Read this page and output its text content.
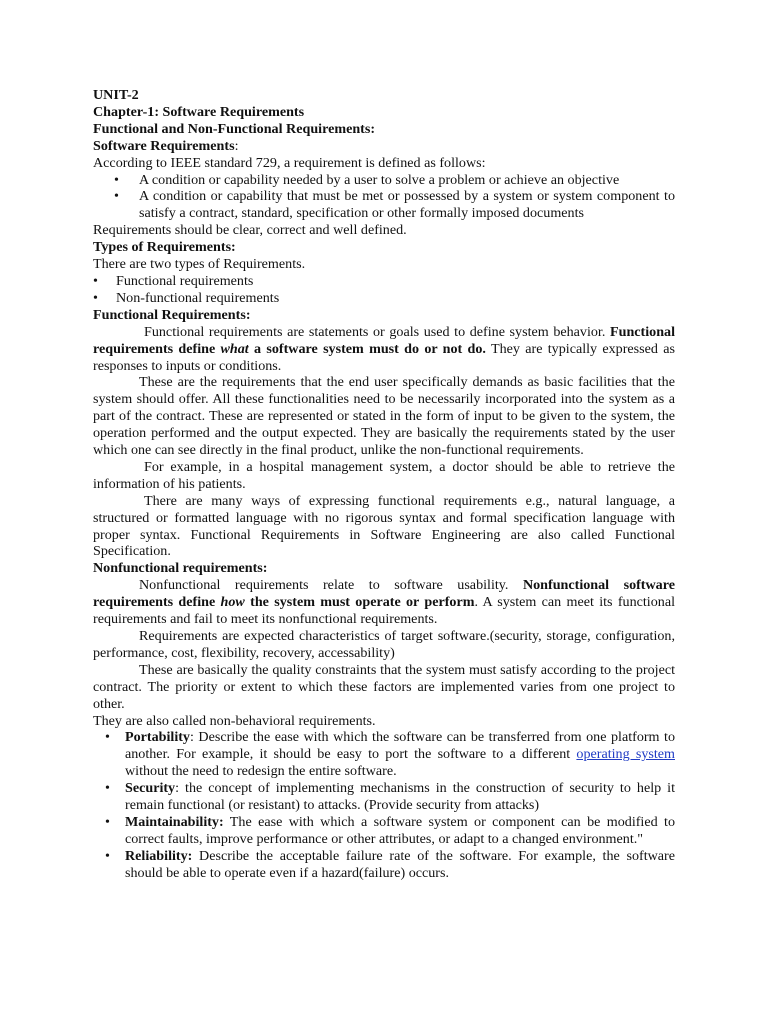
UNIT-2

Chapter-1: Software Requirements

Functional and Non-Functional Requirements:

Software Requirements:

According to IEEE standard 729, a requirement is defined as follows:

• A condition or capability needed by a user to solve a problem or achieve an objective
• A condition or capability that must be met or possessed by a system or system component to satisfy a contract, standard, specification or other formally imposed documents

Requirements should be clear, correct and well defined.

Types of Requirements:

There are two types of Requirements.

• Functional requirements
• Non-functional requirements

Functional Requirements:

Functional requirements are statements or goals used to define system behavior. Functional requirements define what a software system must do or not do. They are typically expressed as responses to inputs or conditions.

These are the requirements that the end user specifically demands as basic facilities that the system should offer. All these functionalities need to be necessarily incorporated into the system as a part of the contract. These are represented or stated in the form of input to be given to the system, the operation performed and the output expected. They are basically the requirements stated by the user which one can see directly in the final product, unlike the non-functional requirements.

For example, in a hospital management system, a doctor should be able to retrieve the information of his patients.

There are many ways of expressing functional requirements e.g., natural language, a structured or formatted language with no rigorous syntax and formal specification language with proper syntax. Functional Requirements in Software Engineering are also called Functional Specification.

Nonfunctional requirements:

Nonfunctional requirements relate to software usability. Nonfunctional software requirements define how the system must operate or perform. A system can meet its functional requirements and fail to meet its nonfunctional requirements.

Requirements are expected characteristics of target software.(security, storage, configuration, performance, cost, flexibility, recovery, accessability)

These are basically the quality constraints that the system must satisfy according to the project contract. The priority or extent to which these factors are implemented varies from one project to other.

They are also called non-behavioral requirements.

• Portability: Describe the ease with which the software can be transferred from one platform to another. For example, it should be easy to port the software to a different operating system without the need to redesign the entire software.
• Security: the concept of implementing mechanisms in the construction of security to help it remain functional (or resistant) to attacks. (Provide security from attacks)
• Maintainability: The ease with which a software system or component can be modified to correct faults, improve performance or other attributes, or adapt to a changed environment."
• Reliability: Describe the acceptable failure rate of the software. For example, the software should be able to operate even if a hazard(failure) occurs.
